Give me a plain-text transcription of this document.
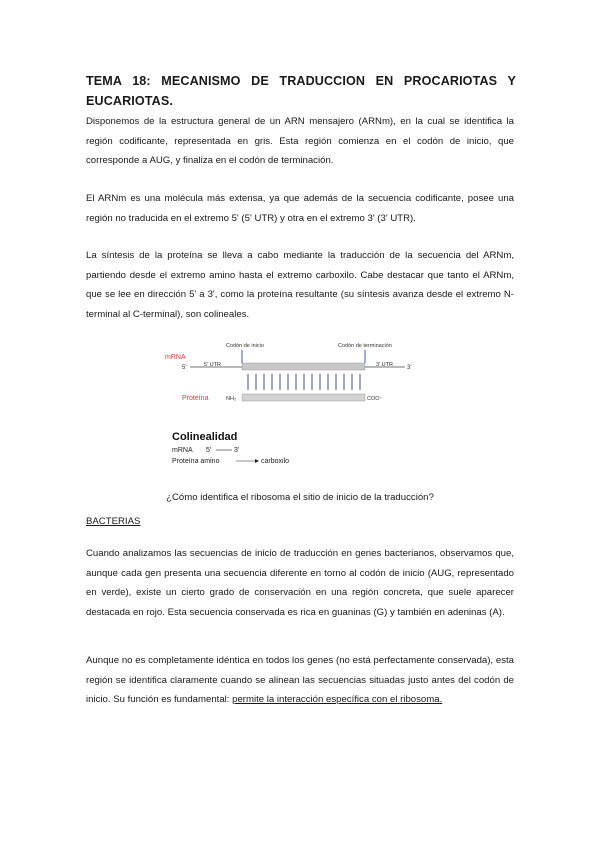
TEMA 18: MECANISMO DE TRADUCCION EN PROCARIOTAS Y EUCARIOTAS.
Disponemos de la estructura general de un ARN mensajero (ARNm), en la cual se identifica la región codificante, representada en gris. Esta región comienza en el codón de inicio, que corresponde a AUG, y finaliza en el codón de terminación.
El ARNm es una molécula más extensa, ya que además de la secuencia codificante, posee una región no traducida en el extremo 5' (5' UTR) y otra en el extremo 3' (3' UTR).
La síntesis de la proteína se lleva a cabo mediante la traducción de la secuencia del ARNm, partiendo desde el extremo amino hasta el extremo carboxilo. Cabe destacar que tanto el ARNm, que se lee en dirección 5' a 3', como la proteína resultante (su síntesis avanza desde el extremo N-terminal al C-terminal), son colineales.
Codón de inicio	Codón de terminación
mRNA
5'	3'
5' UTR	3' UTR
Proteína	NH₂	COO⁻
Colinealidad
mRNA 5'	3'
Proteína amino	carboxilo
¿Cómo identifica el ribosoma el sitio de inicio de la traducción?
BACTERIAS
Cuando analizamos las secuencias de inicio de traducción en genes bacterianos, observamos que, aunque cada gen presenta una secuencia diferente en torno al codón de inicio (AUG, representado en verde), existe un cierto grado de conservación en una región concreta, que suele aparecer destacada en rojo. Esta secuencia conservada es rica en guaninas (G) y también en adeninas (A).
Aunque no es completamente idéntica en todos los genes (no está perfectamente conservada), esta región se identifica claramente cuando se alinean las secuencias situadas justo antes del codón de inicio. Su función es fundamental: permite la interacción específica con el ribosoma.
